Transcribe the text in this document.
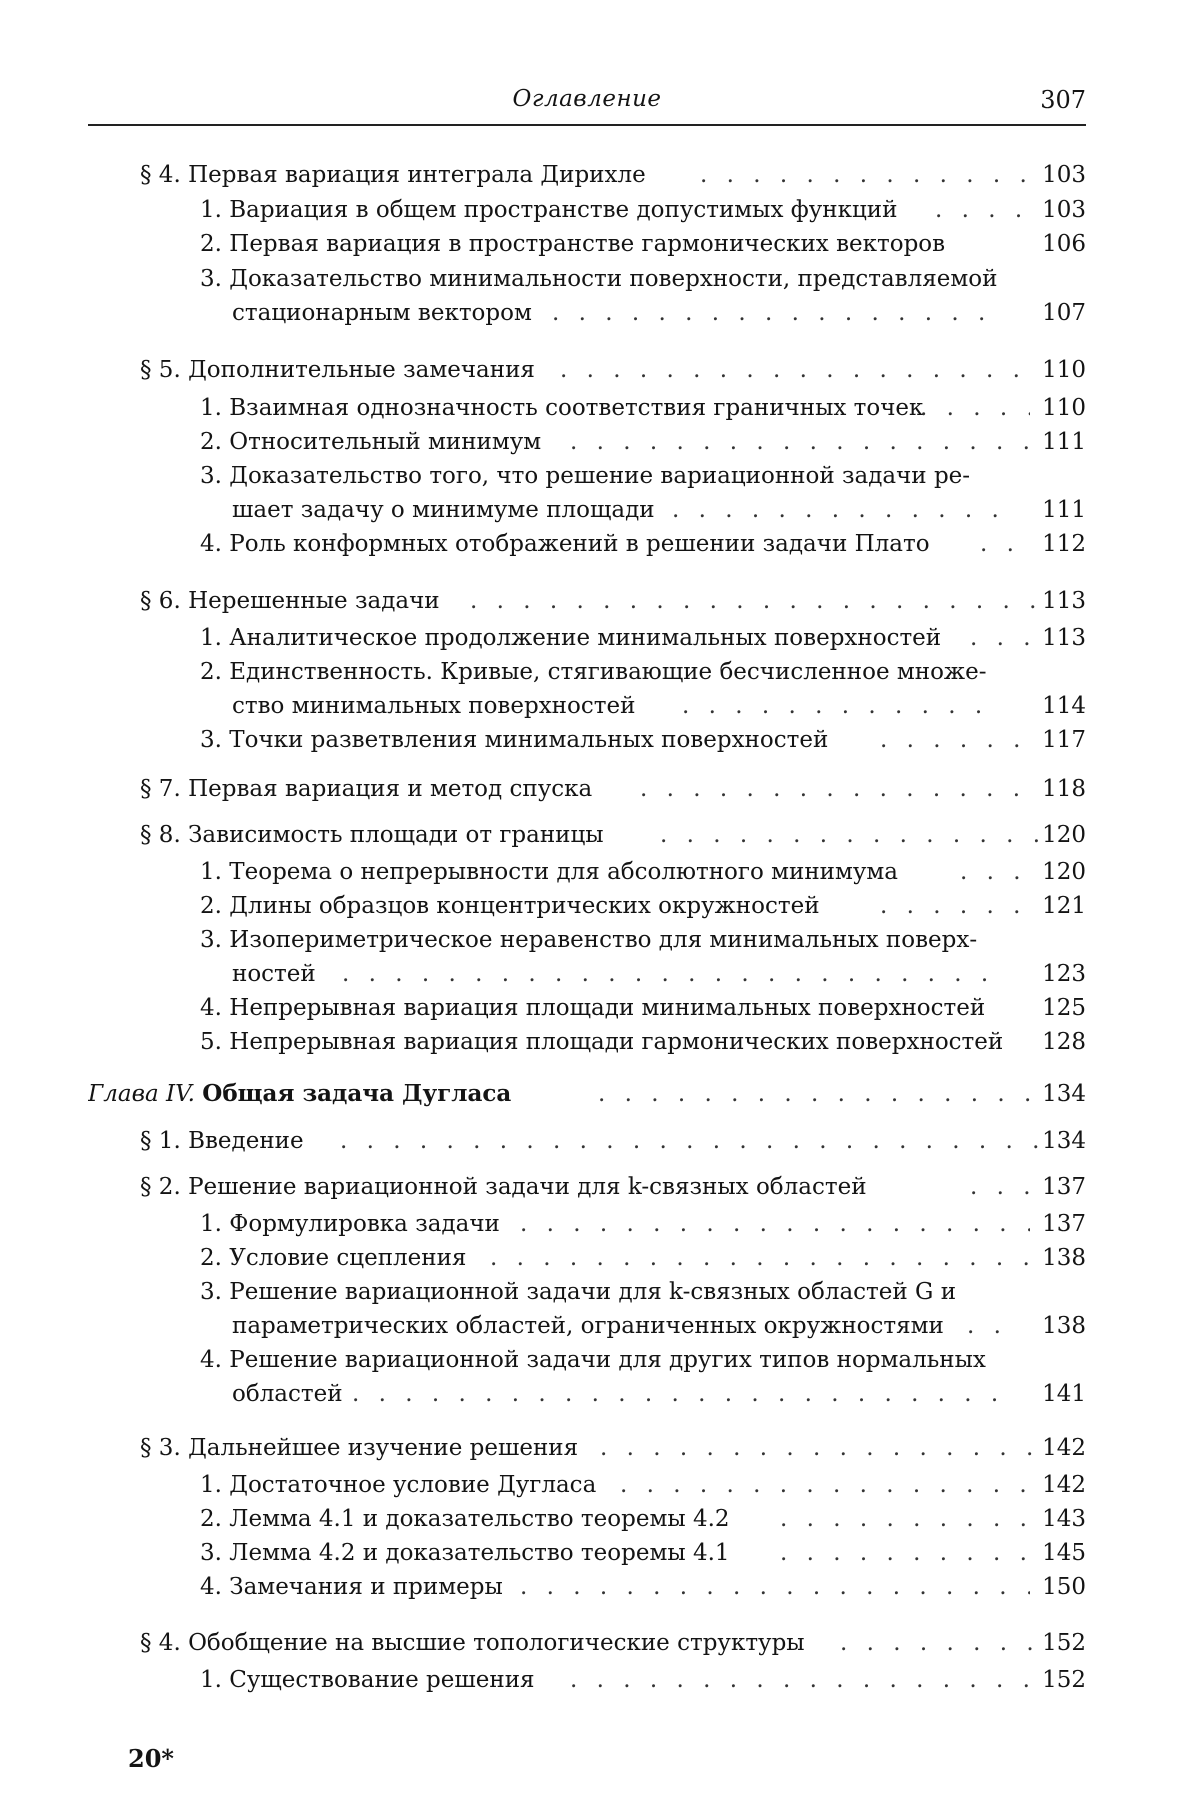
Оглавление	307
§ 4. Первая вариация интеграла Дирихле . . . . . . . . . . . . . 103
1. Вариация в общем пространстве допустимых функций . . . . 103
2. Первая вариация в пространстве гармонических векторов	106
3. Доказательство минимальности поверхности, представляемой
стационарным вектором . . . . . . . . . . . . . . . . .	107
§ 5. Дополнительные замечания . . . . . . . . . . . . . . . . . . 110
1. Взаимная однозначность соответствия граничных точек
. . . .	110
2. Относительный минимум . . . . . . . . . . . . . . . . .	111
3. Доказательство того, что решение вариационной задачи ре-
шает задачу о минимуме площади . . . . . . . . . . . .	111
4. Роль конформных отображений в решении задачи Плато . . 112
§ 6. Нерешенные задачи . . . . . . . . . . . . . . . . . . . . .	113
1. Аналитическое продолжение минимальных поверхностей . .	113
2. Единственность. Кривые, стягивающие бесчисленное множе-
ство минимальных поверхностей . . . . . . . . . . . .	114
3. Точки разветвления минимальных поверхностей . . . . . . 117
§ 7. Первая вариация и метод спуска . . . . . . . . . . . . . . . 118
§ 8. Зависимость площади от границы . . . . . . . . . . . . . . 120
1. Теорема о непрерывности для абсолютного минимума	. . . 120
2. Длины образцов концентрических окружностей	. . . . . . 121
3. Изопериметрическое неравенство для минимальных поверх-
ностей . . . . . . . . . . . . . . . . . . . . . . . . .	123
4. Непрерывная вариация площади минимальных поверхностей 125
5. Непрерывная вариация площади гармонических поверхностей 128
Глава IV. Общая задача Дугласа	. . . . . . . . . . . . . . . . . 134
§ 1. Введение . . . . . . . . . . . . . . . . . . . . . . . . . .	134
§ 2. Решение вариационной задачи для k-связных областей	. . . 137
1. Формулировка задачи . . . . . . . . . . . . . . . . . . .	137
2. Условие сцепления . . . . . . . . . . . . . . . . . . . .	138
3. Решение вариационной задачи для k-связных областей G и
параметрических областей, ограниченных окружностями .	138
4. Решение вариационной задачи для других типов нормальных
областей . . . . . . . . . . . . . . . . . . . . . . . .	141
§ 3. Дальнейшее изучение решения . . . . . . . . . . . . . . . . . 142
1. Достаточное условие Дугласа . . . . . . . . . . . . . . .	142
2. Лемма 4.1 и доказательство теоремы 4.2 . . . . . . . . .	143
3. Лемма 4.2 и доказательство теоремы 4.1 . . . . . . . . .	145
4. Замечания и примеры . . . . . . . . . . . . . . . . . . .	150
§ 4. Обобщение на высшие топологические структуры . . . . . . . . 152
1. Существование решения . . . . . . . . . . . . . . . . .	152
20*
